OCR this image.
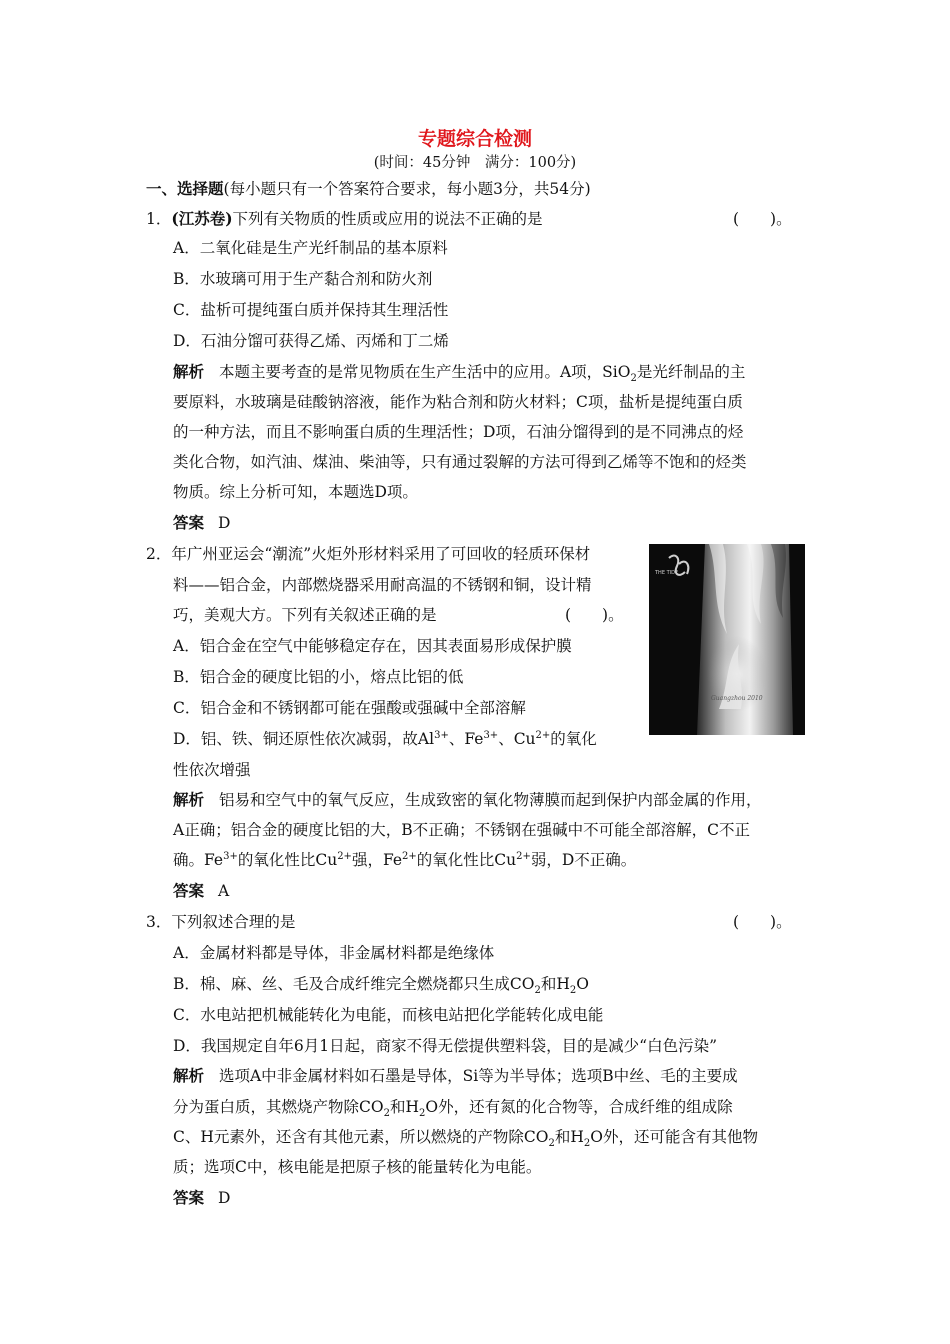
专题综合检测
(时间：45分钟　满分：100分)
一、选择题(每小题只有一个答案符合要求，每小题3分，共54分)
1．(江苏卷)下列有关物质的性质或应用的说法不正确的是	(　　)。
A．二氧化硅是生产光纤制品的基本原料
B．水玻璃可用于生产黏合剂和防火剂
C．盐析可提纯蛋白质并保持其生理活性
D．石油分馏可获得乙烯、丙烯和丁二烯
解析 本题主要考查的是常见物质在生产生活中的应用。A项，SiO$_2$是光纤制品的主
要原料，水玻璃是硅酸钠溶液，能作为粘合剂和防火材料；C项，盐析是提纯蛋白质
的一种方法，而且不影响蛋白质的生理活性；D项，石油分馏得到的是不同沸点的烃
类化合物，如汽油、煤油、柴油等，只有通过裂解的方法可得到乙烯等不饱和的烃类
物质。综上分析可知，本题选D项。
答案 D
2．年广州亚运会“潮流”火炬外形材料采用了可回收的轻质环保材
料——铝合金，内部燃烧器采用耐高温的不锈钢和铜，设计精
巧，美观大方。下列有关叙述正确的是	(　　)。
A．铝合金在空气中能够稳定存在，因其表面易形成保护膜
B．铝合金的硬度比铝的小，熔点比铝的低
C．铝合金和不锈钢都可能在强酸或强碱中全部溶解
D．铝、铁、铜还原性依次减弱，故$Al^{3+}$、$Fe^{3+}$、$Cu^{2+}$的氧化
性依次增强
THE TIDE
Guangzhou 2010
解析 铝易和空气中的氧气反应，生成致密的氧化物薄膜而起到保护内部金属的作用，
A正确；铝合金的硬度比铝的大，B不正确；不锈钢在强碱中不可能全部溶解，C不正
确。$Fe^{3+}$的氧化性比$Cu^{2+}$强，$Fe^{2+}$的氧化性比$Cu^{2+}$弱，D不正确。
答案 A
3．下列叙述合理的是	(　　)。
A．金属材料都是导体，非金属材料都是绝缘体
B．棉、麻、丝、毛及合成纤维完全燃烧都只生成$CO_2$和$H_2O$
C．水电站把机械能转化为电能，而核电站把化学能转化成电能
D．我国规定自年6月1日起，商家不得无偿提供塑料袋，目的是减少“白色污染”
解析 选项A中非金属材料如石墨是导体，Si等为半导体；选项B中丝、毛的主要成
分为蛋白质，其燃烧产物除$CO_2$和$H_2O$外，还有氮的化合物等，合成纤维的组成除
C、H元素外，还含有其他元素，所以燃烧的产物除$CO_2$和$H_2O$外，还可能含有其他物
质；选项C中，核电能是把原子核的能量转化为电能。
答案 D
